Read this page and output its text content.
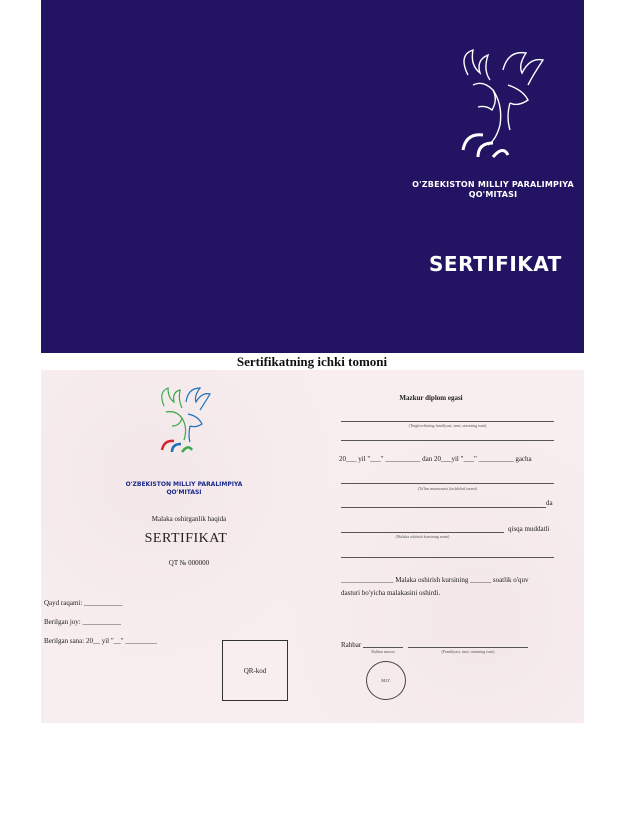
O'ZBEKISTON MILLIY PARALIMPIYA
QO'MITASI
SERTIFIKAT
Sertifikatning ichki tomoni
O'ZBEKISTON MILLIY PARALIMPIYA
QO'MITASI
Malaka oshirganlik haqida
SERTIFIKAT
QT № 000000
Qayd raqami: ___________
Berilgan joy: ___________
Berilgan sana: 20__ yil "__" _________
QR-kod
Mazkur diplom egasi
(Tinglovchining familiyasi, ismi, otasining ismi)
20___ yil "___" __________ dan 20___yil "___" __________ gacha
(Ta'lim muassasasi (tashkiloti) nomi)
da
(Malaka oshirish kursining nomi)
qisqa muddatli
_______________ Malaka oshirish kursining ______ soatlik o'quv
dasturi bo'yicha malakasini oshirdi.
Rahbar
Rahbar imzosi	(Familiyasi, ismi, otasining ismi)
M.O'.
